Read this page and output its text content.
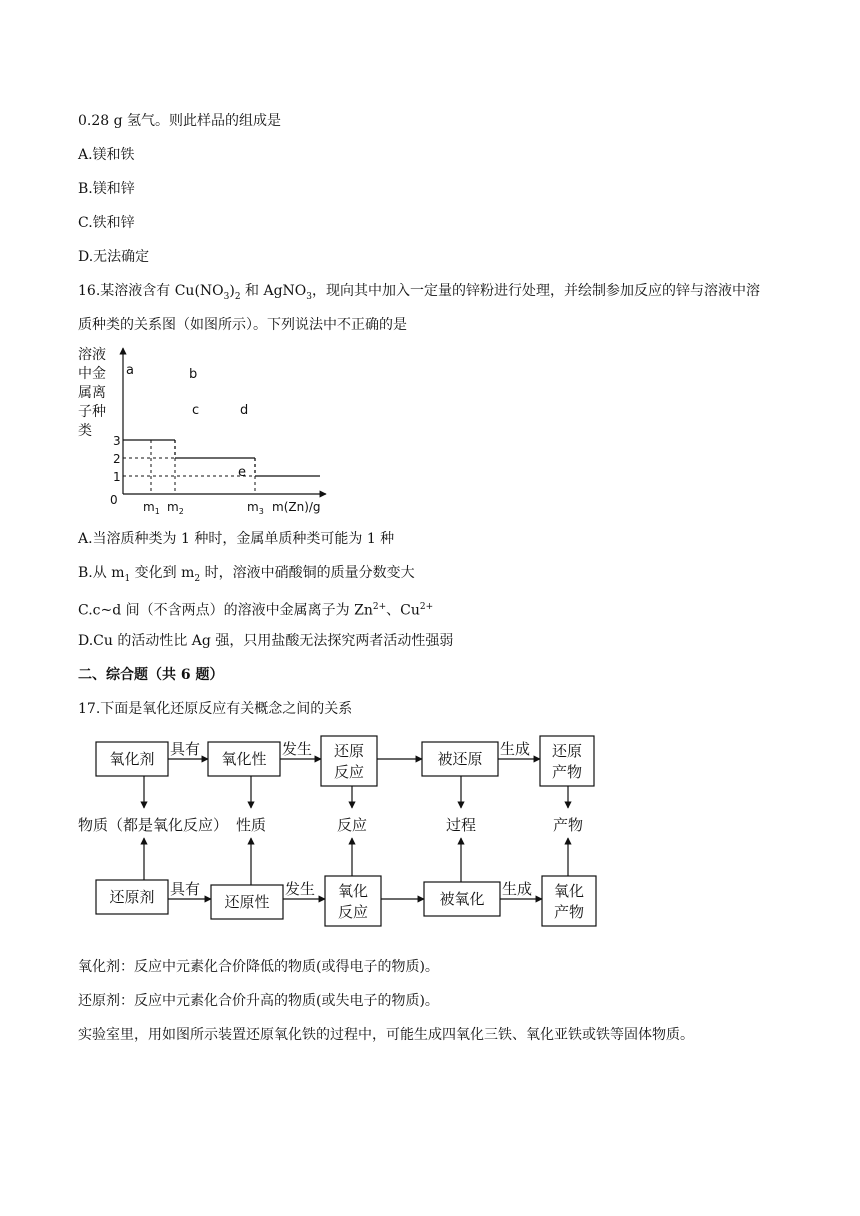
0.28 g 氢气。则此样品的组成是
A.镁和铁
B.镁和锌
C.铁和锌
D.无法确定
16.某溶液含有 $Cu(NO_3)_2$ 和 AgNO$_3$，现向其中加入一定量的锌粉进行处理，并绘制参加反应的锌与溶液中溶
质种类的关系图（如图所示）。下列说法中不正确的是
溶液
中金
属离
子种
类
0
1
2
3
$m_1$ $m_2$	$m_3$ m(Zn)/g
a	b
c	d
e
A.当溶质种类为 1 种时，金属单质种类可能为 1 种
B.从 $m_1$ 变化到 $m_2$ 时，溶液中硝酸铜的质量分数变大
C.c~d 间（不含两点）的溶液中金属离子为 $Zn^{2+}$、$Cu^{2+}$
D.Cu 的活动性比 Ag 强，只用盐酸无法探究两者活动性强弱
二、综合题（共 6 题）
17.下面是氧化还原反应有关概念之间的关系
氧化剂	氧化性	还原
反应
被还原	还原
产物
还原剂	还原性
氧化
反应
被氧化	氧化
产物
物质（都是氧化反应） 性质	反应	过程	产物
具有	发生	生成
具有	发生	生成
氧化剂：反应中元素化合价降低的物质(或得电子的物质)。
还原剂：反应中元素化合价升高的物质(或失电子的物质)。
实验室里，用如图所示装置还原氧化铁的过程中，可能生成四氧化三铁、氧化亚铁或铁等固体物质。
